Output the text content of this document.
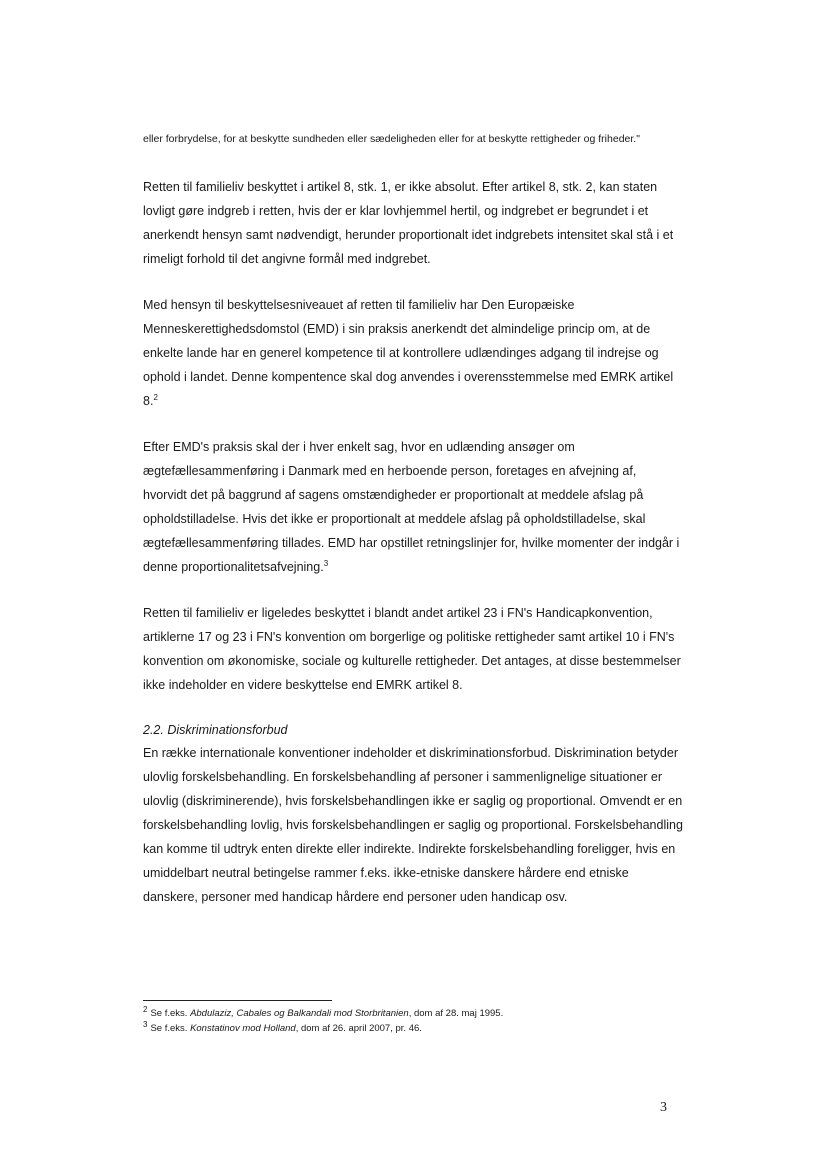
eller forbrydelse, for at beskytte sundheden eller sædeligheden eller for at beskytte rettigheder og friheder."

Retten til familieliv beskyttet i artikel 8, stk. 1, er ikke absolut. Efter artikel 8, stk. 2, kan staten lovligt gøre indgreb i retten, hvis der er klar lovhjemmel hertil, og indgrebet er begrundet i et anerkendt hensyn samt nødvendigt, herunder proportionalt idet indgrebets intensitet skal stå i et rimeligt forhold til det angivne formål med indgrebet.

Med hensyn til beskyttelsesniveauet af retten til familieliv har Den Europæiske Menneskerettighedsdomstol (EMD) i sin praksis anerkendt det almindelige princip om, at de enkelte lande har en generel kompetence til at kontrollere udlændinges adgang til indrejse og ophold i landet. Denne kompentence skal dog anvendes i overensstemmelse med EMRK artikel 8.$^2$

Efter EMD's praksis skal der i hver enkelt sag, hvor en udlænding ansøger om ægtefællesammenføring i Danmark med en herboende person, foretages en afvejning af, hvorvidt det på baggrund af sagens omstændigheder er proportionalt at meddele afslag på opholdstilladelse. Hvis det ikke er proportionalt at meddele afslag på opholdstilladelse, skal ægtefællesammenføring tillades. EMD har opstillet retningslinjer for, hvilke momenter der indgår i denne proportionalitetsafvejning.$^3$

Retten til familieliv er ligeledes beskyttet i blandt andet artikel 23 i FN's Handicapkonvention, artiklerne 17 og 23 i FN's konvention om borgerlige og politiske rettigheder samt artikel 10 i FN's konvention om økonomiske, sociale og kulturelle rettigheder. Det antages, at disse bestemmelser ikke indeholder en videre beskyttelse end EMRK artikel 8.

2.2. Diskriminationsforbud

En række internationale konventioner indeholder et diskriminationsforbud. Diskrimination betyder ulovlig forskelsbehandling. En forskelsbehandling af personer i sammenlignelige situationer er ulovlig (diskriminerende), hvis forskelsbehandlingen ikke er saglig og proportional. Omvendt er en forskelsbehandling lovlig, hvis forskelsbehandlingen er saglig og proportional. Forskelsbehandling kan komme til udtryk enten direkte eller indirekte. Indirekte forskelsbehandling foreligger, hvis en umiddelbart neutral betingelse rammer f.eks. ikke-etniske danskere hårdere end etniske danskere, personer med handicap hårdere end personer uden handicap osv.

$^2$ Se f.eks. Abdulaziz, Cabales og Balkandali mod Storbritanien, dom af 28. maj 1995.

$^3$ Se f.eks. Konstatinov mod Holland, dom af 26. april 2007, pr. 46.

3
